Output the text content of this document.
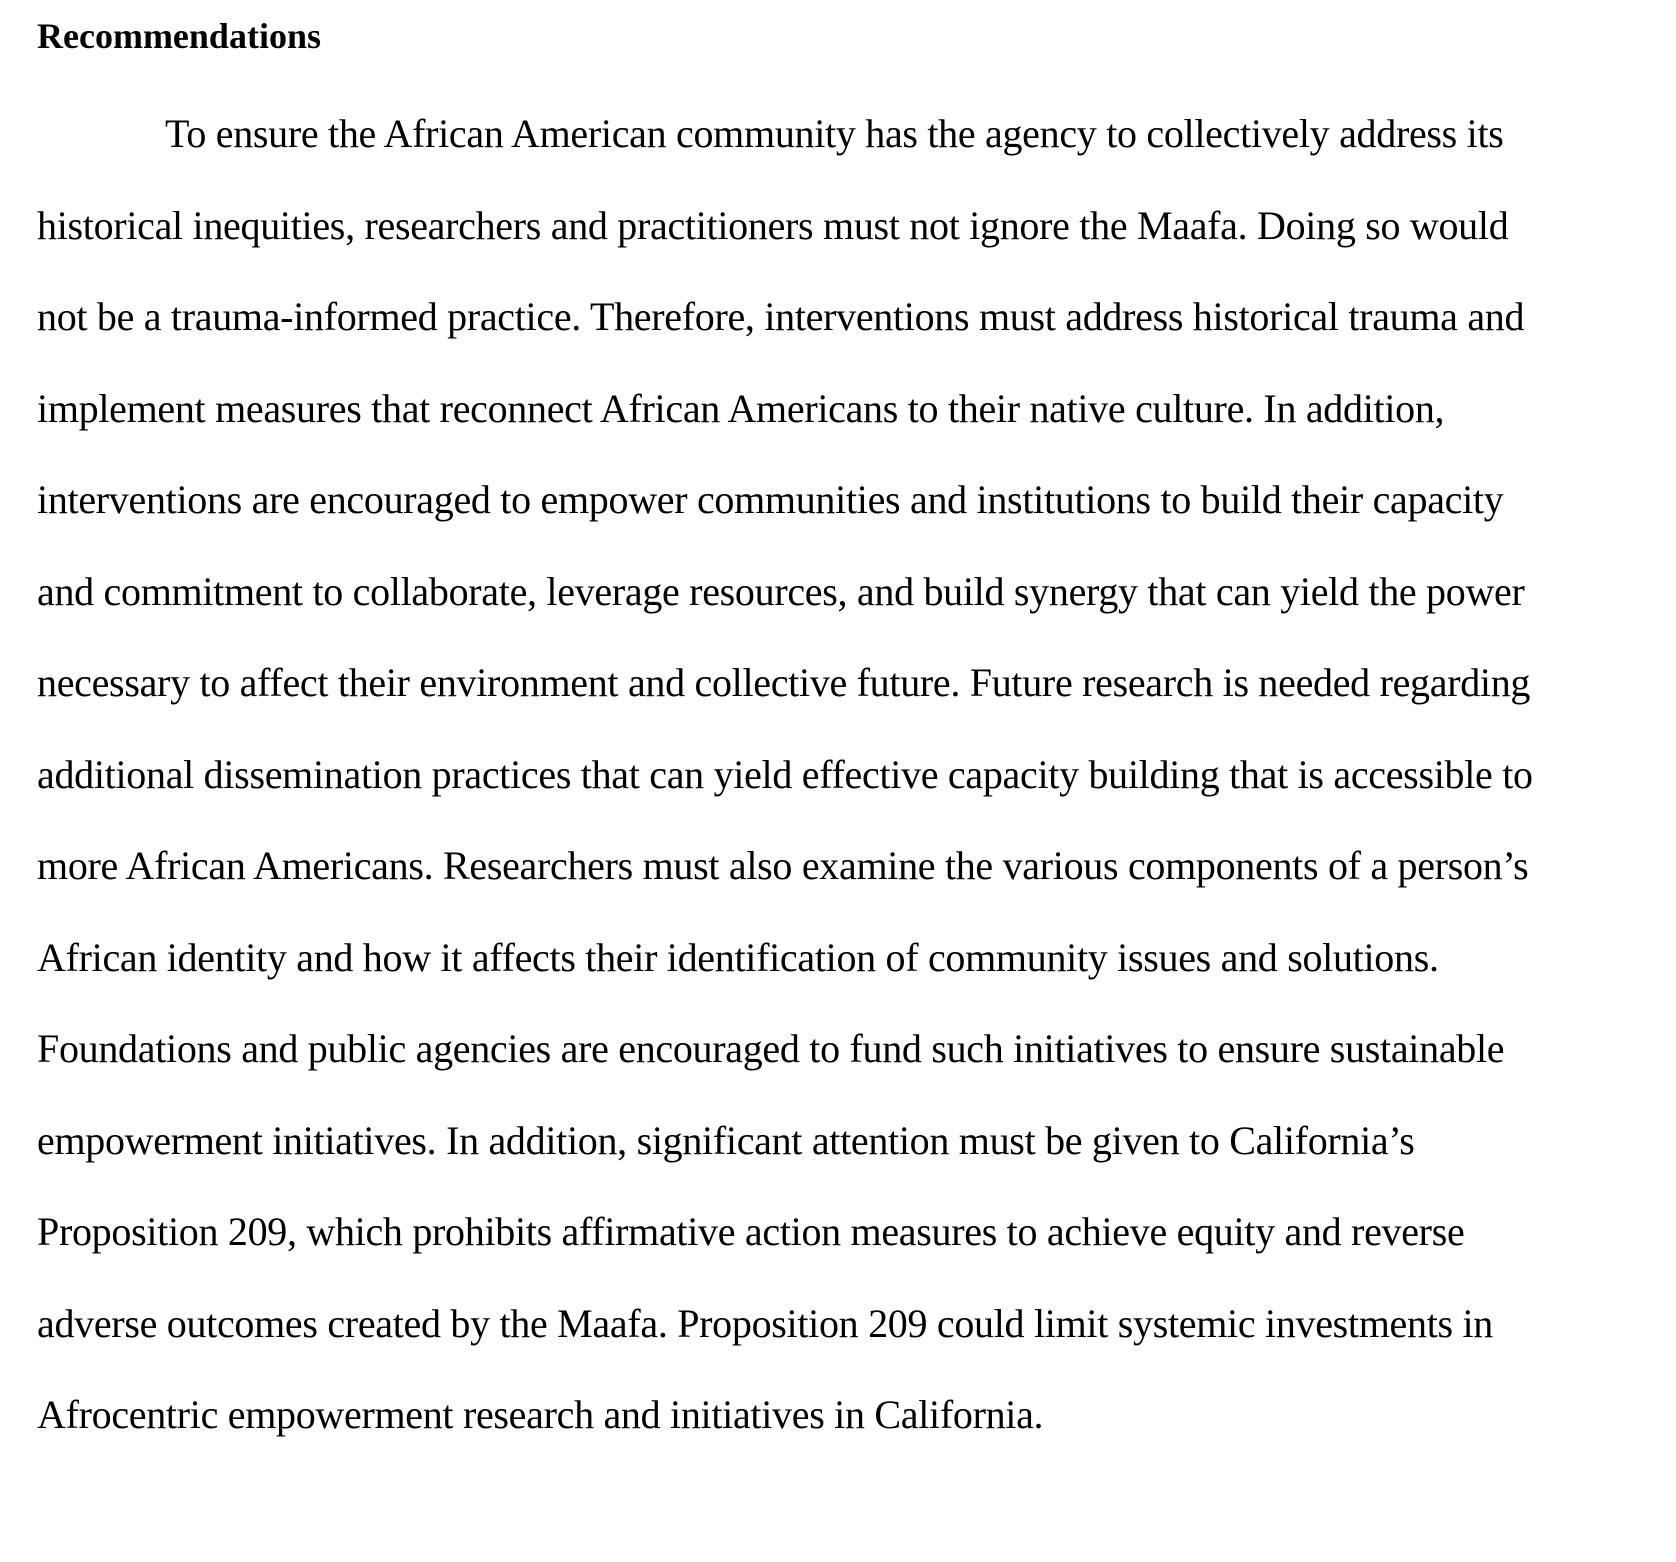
Recommendations
To ensure the African American community has the agency to collectively address its
historical inequities, researchers and practitioners must not ignore the Maafa. Doing so would
not be a trauma-informed practice. Therefore, interventions must address historical trauma and
implement measures that reconnect African Americans to their native culture. In addition,
interventions are encouraged to empower communities and institutions to build their capacity
and commitment to collaborate, leverage resources, and build synergy that can yield the power
necessary to affect their environment and collective future. Future research is needed regarding
additional dissemination practices that can yield effective capacity building that is accessible to
more African Americans. Researchers must also examine the various components of a person’s
African identity and how it affects their identification of community issues and solutions.
Foundations and public agencies are encouraged to fund such initiatives to ensure sustainable
empowerment initiatives. In addition, significant attention must be given to California’s
Proposition 209, which prohibits affirmative action measures to achieve equity and reverse
adverse outcomes created by the Maafa. Proposition 209 could limit systemic investments in
Afrocentric empowerment research and initiatives in California.
